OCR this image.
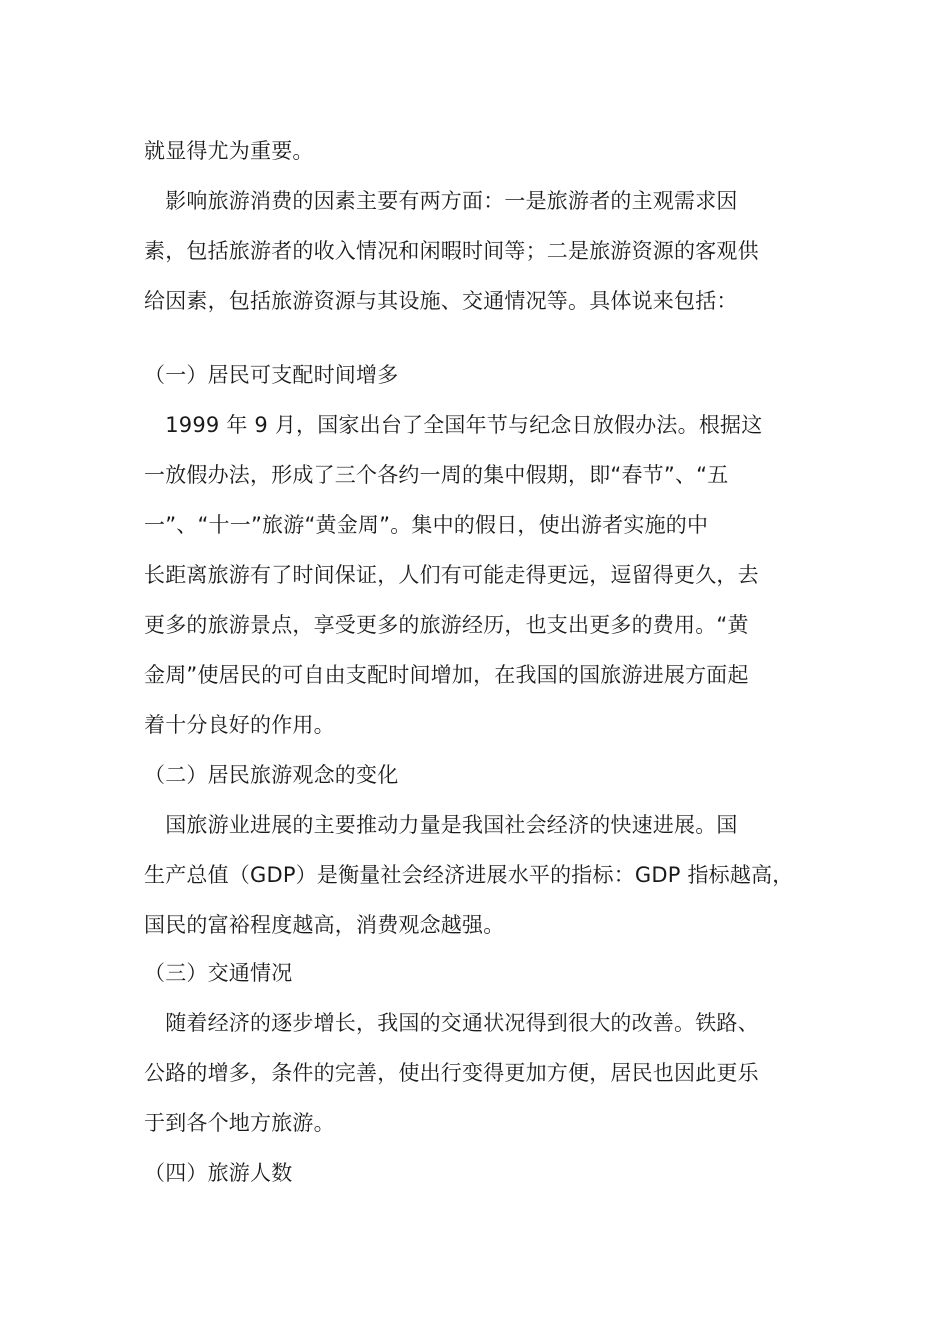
就显得尤为重要。
　影响旅游消费的因素主要有两方面：一是旅游者的主观需求因
素，包括旅游者的收入情况和闲暇时间等；二是旅游资源的客观供
给因素，包括旅游资源与其设施、交通情况等。具体说来包括：
（一）居民可支配时间增多
　1999 年 9 月，国家出台了全国年节与纪念日放假办法。根据这
一放假办法，形成了三个各约一周的集中假期，即“春节”、“五
一”、“十一”旅游“黄金周”。集中的假日，使出游者实施的中
长距离旅游有了时间保证，人们有可能走得更远，逗留得更久，去
更多的旅游景点，享受更多的旅游经历，也支出更多的费用。“黄
金周”使居民的可自由支配时间增加，在我国的国旅游进展方面起
着十分良好的作用。
（二）居民旅游观念的变化
　国旅游业进展的主要推动力量是我国社会经济的快速进展。国
生产总值（GDP）是衡量社会经济进展水平的指标：GDP 指标越高，
国民的富裕程度越高，消费观念越强。
（三）交通情况
　随着经济的逐步增长，我国的交通状况得到很大的改善。铁路、
公路的增多，条件的完善，使出行变得更加方便，居民也因此更乐
于到各个地方旅游。
（四）旅游人数
